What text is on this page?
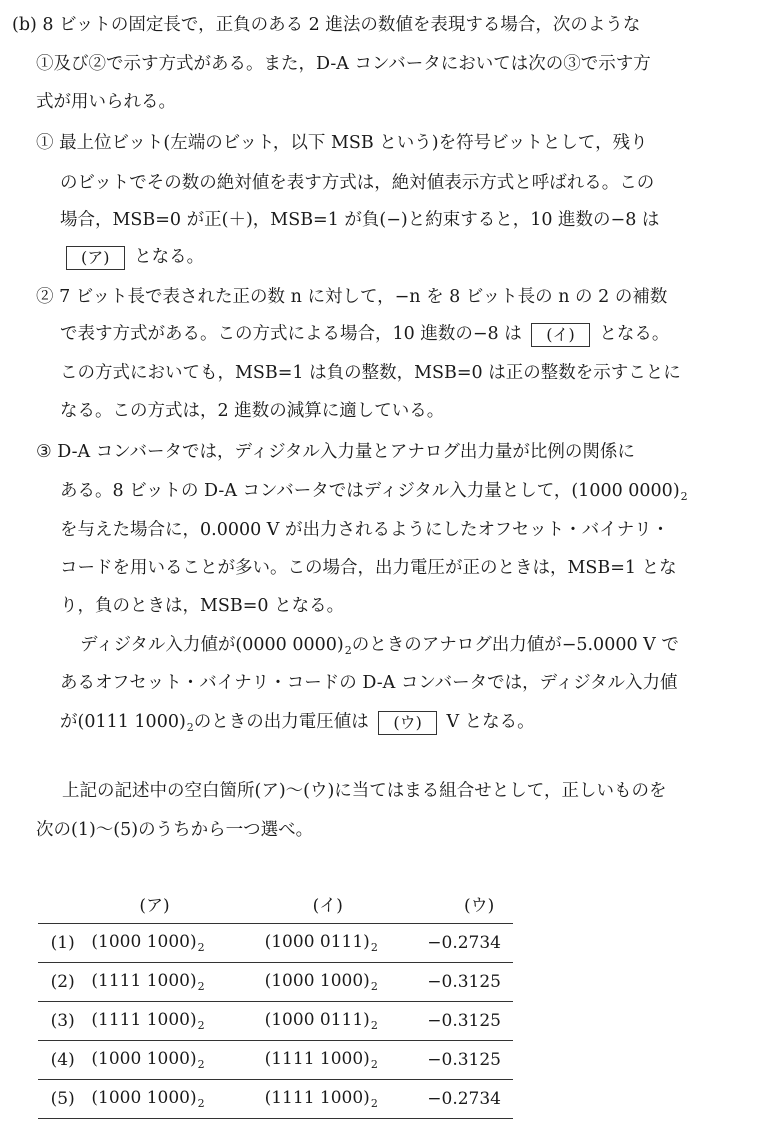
(b) 8 ビットの固定長で，正負のある 2 進法の数値を表現する場合，次のような
①及び②で示す方式がある。また，D-A コンバータにおいては次の③で示す方
式が用いられる。
① 最上位ビット(左端のビット，以下 MSB という)を符号ビットとして，残り
のビットでその数の絶対値を表す方式は，絶対値表示方式と呼ばれる。この
場合，MSB=0 が正(＋)，MSB=1 が負(−)と約束すると，10 進数の−8 は
(ア) となる。
② 7 ビット長で表された正の数 n に対して，−n を 8 ビット長の n の 2 の補数
で表す方式がある。この方式による場合，10 進数の−8 は (イ) となる。
この方式においても，MSB=1 は負の整数，MSB=0 は正の整数を示すことに
なる。この方式は，2 進数の減算に適している。
③ D-A コンバータでは，ディジタル入力量とアナログ出力量が比例の関係に
ある。8 ビットの D-A コンバータではディジタル入力量として，(1000 $0000)_2$
を与えた場合に，0.0000 V が出力されるようにしたオフセット・バイナリ・
コードを用いることが多い。この場合，出力電圧が正のときは，MSB=1 とな
り，負のときは，MSB=0 となる。
ディジタル入力値が(0000 $0000)_2$のときのアナログ出力値が−5.0000 V で
あるオフセット・バイナリ・コードの D-A コンバータでは，ディジタル入力値
が(0111 $1000)_2$のときの出力電圧値は (ウ) V となる。
上記の記述中の空白箇所(ア)〜(ウ)に当てはまる組合せとして，正しいものを
次の(1)〜(5)のうちから一つ選べ。
	(ア)	(イ)	(ウ)
(1)	(1000 $1000)_2$	(1000 $0111)_2$	−0.2734
(2)	(1111 $1000)_2$	(1000 $1000)_2$	−0.3125
(3)	(1111 $1000)_2$	(1000 $0111)_2$	−0.3125
(4)	(1000 $1000)_2$	(1111 $1000)_2$	−0.3125
(5)	(1000 $1000)_2$	(1111 $1000)_2$	−0.2734
